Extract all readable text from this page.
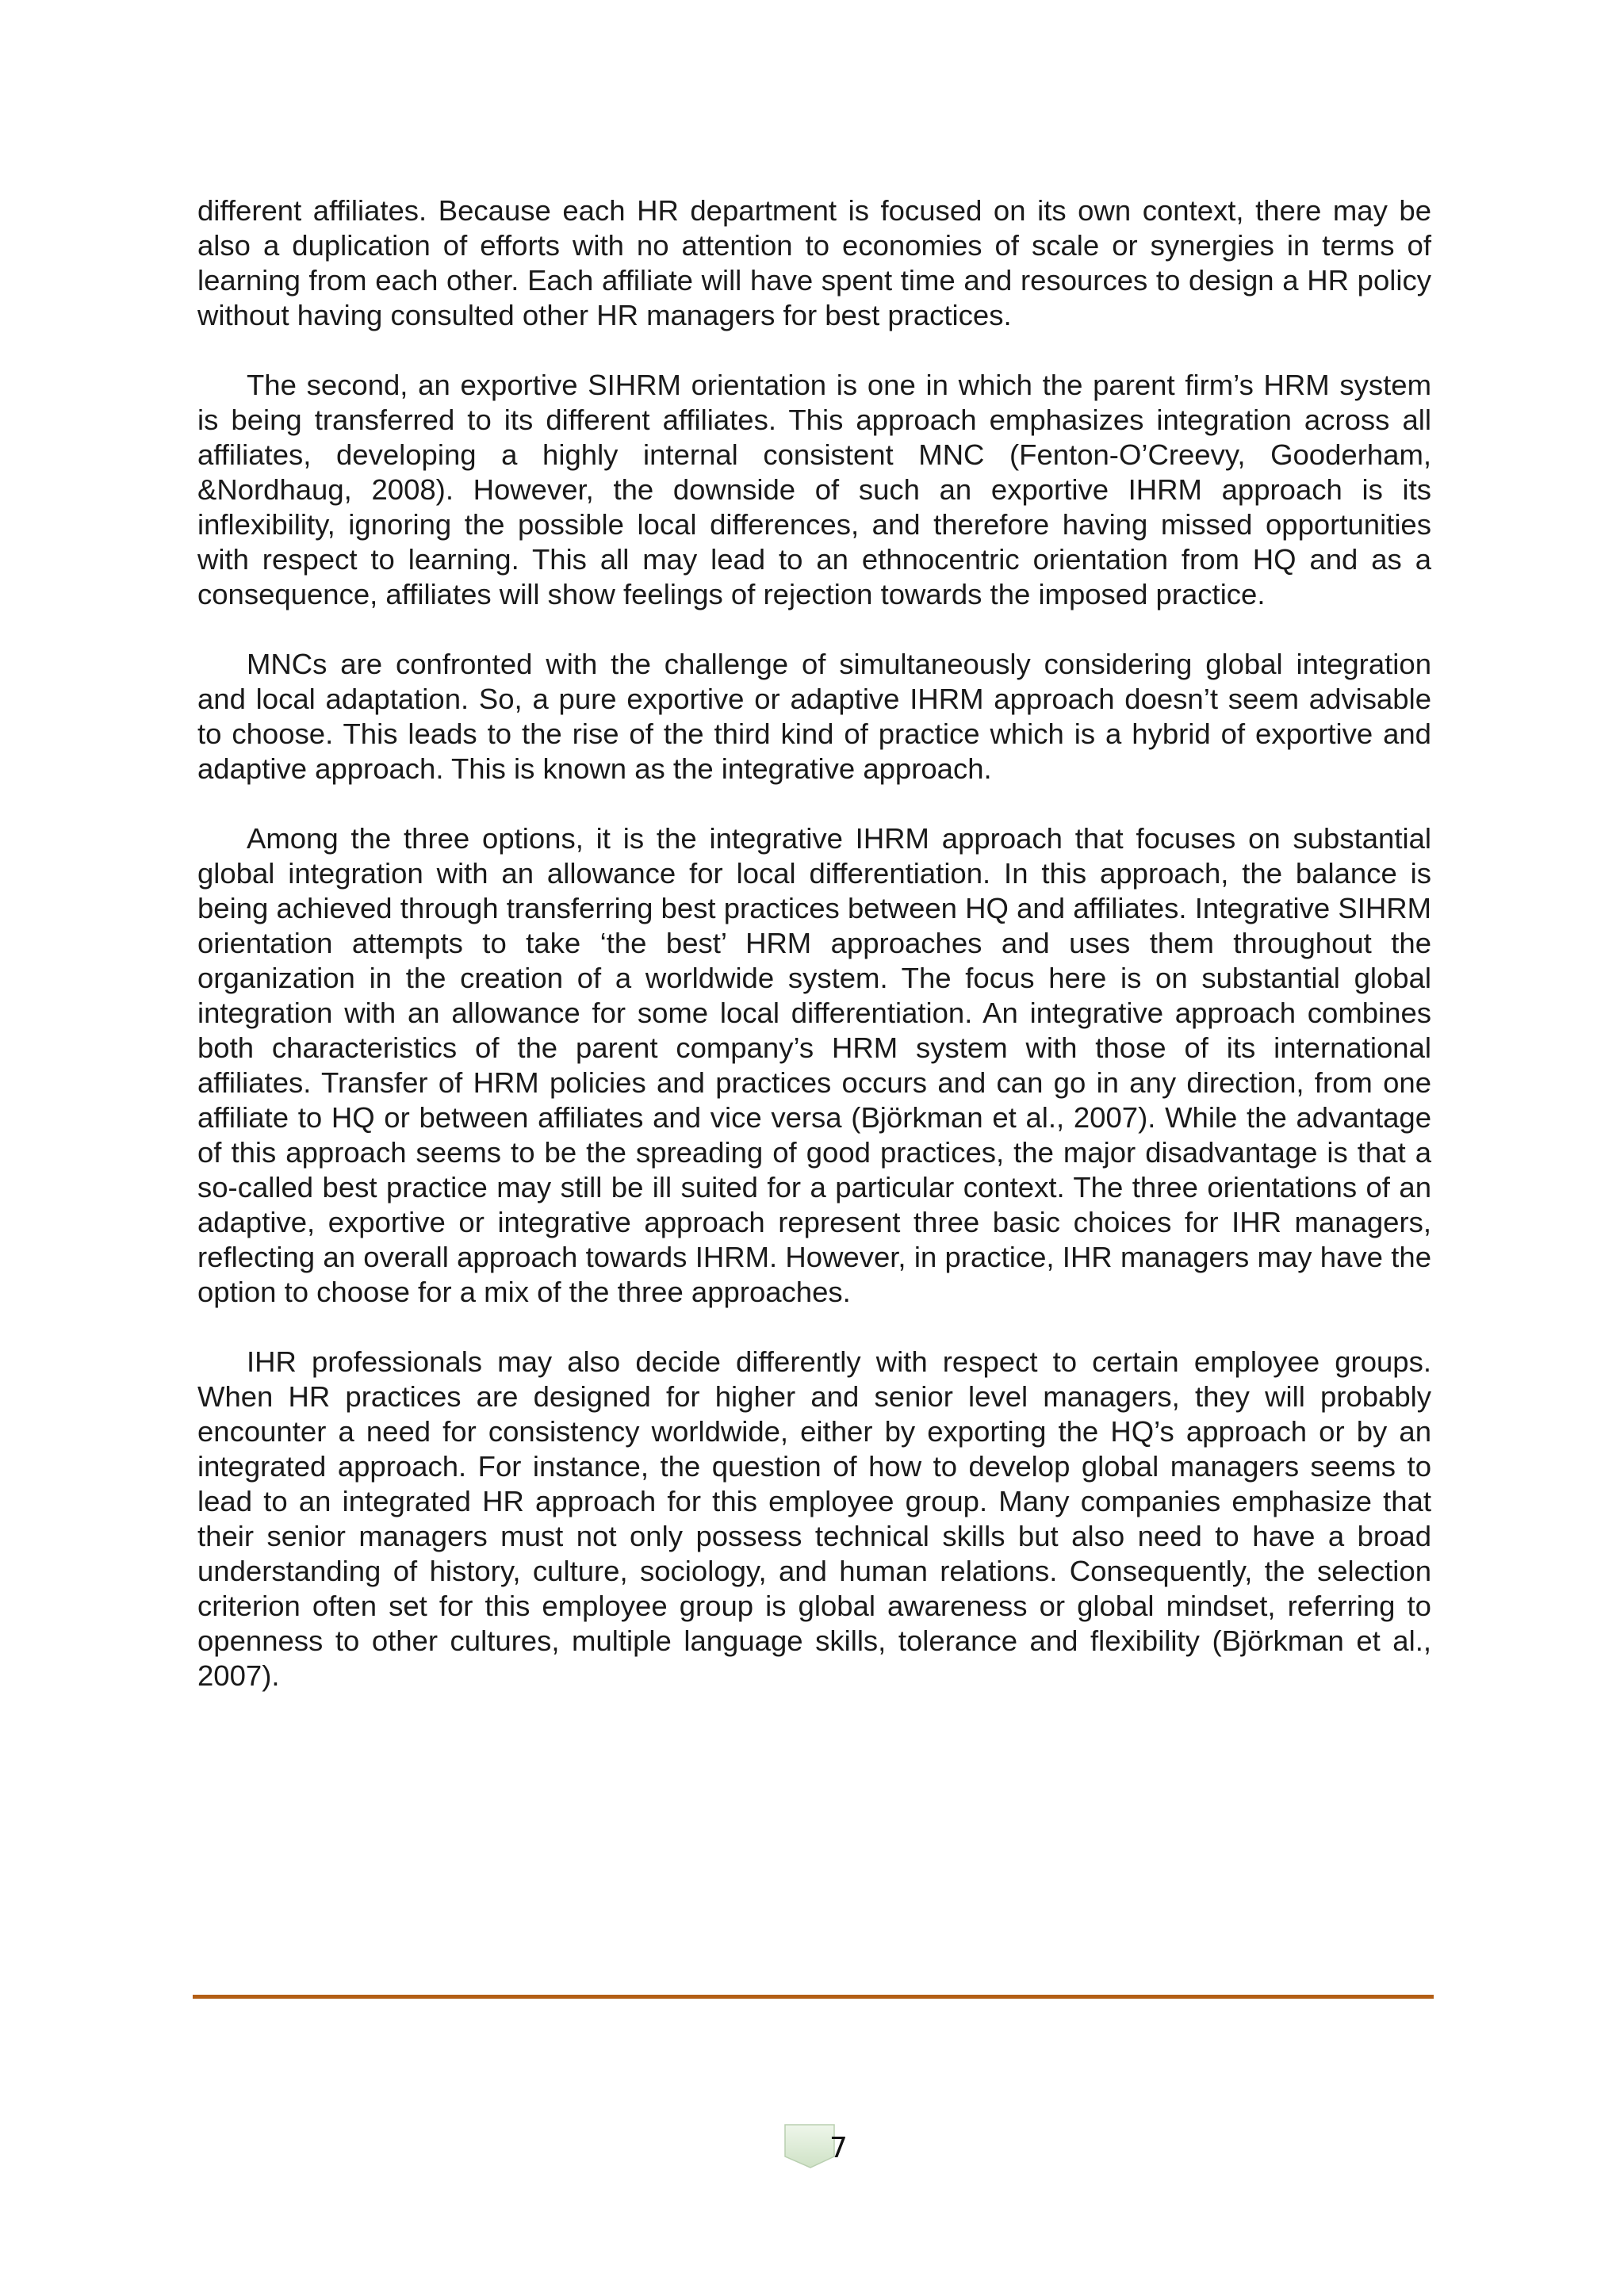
different affiliates. Because each HR department is focused on its own context, there may be also a duplication of efforts with no attention to economies of scale or synergies in terms of learning from each other. Each affiliate will have spent time and resources to design a HR policy without having consulted other HR managers for best practices.

The second, an exportive SIHRM orientation is one in which the parent firm’s HRM system is being transferred to its different affiliates. This approach emphasizes integration across all affiliates, developing a highly internal consistent MNC (Fenton-O’Creevy, Gooderham, &Nordhaug, 2008). However, the downside of such an exportive IHRM approach is its inflexibility, ignoring the possible local differences, and therefore having missed opportunities with respect to learning. This all may lead to an ethnocentric orientation from HQ and as a consequence, affiliates will show feelings of rejection towards the imposed practice.

MNCs are confronted with the challenge of simultaneously considering global integration and local adaptation. So, a pure exportive or adaptive IHRM approach doesn’t seem advisable to choose. This leads to the rise of the third kind of practice which is a hybrid of exportive and adaptive approach. This is known as the integrative approach.

Among the three options, it is the integrative IHRM approach that focuses on substantial global integration with an allowance for local differentiation. In this approach, the balance is being achieved through transferring best practices between HQ and affiliates. Integrative SIHRM orientation attempts to take ‘the best’ HRM approaches and uses them throughout the organization in the creation of a worldwide system. The focus here is on substantial global integration with an allowance for some local differentiation. An integrative approach combines both characteristics of the parent company’s HRM system with those of its international affiliates. Transfer of HRM policies and practices occurs and can go in any direction, from one affiliate to HQ or between affiliates and vice versa (Björkman et al., 2007). While the advantage of this approach seems to be the spreading of good practices, the major disadvantage is that a so-called best practice may still be ill suited for a particular context. The three orientations of an adaptive, exportive or integrative approach represent three basic choices for IHR managers, reflecting an overall approach towards IHRM. However, in practice, IHR managers may have the option to choose for a mix of the three approaches.

IHR professionals may also decide differently with respect to certain employee groups. When HR practices are designed for higher and senior level managers, they will probably encounter a need for consistency worldwide, either by exporting the HQ’s approach or by an integrated approach. For instance, the question of how to develop global managers seems to lead to an integrated HR approach for this employee group. Many companies emphasize that their senior managers must not only possess technical skills but also need to have a broad understanding of history, culture, sociology, and human relations. Consequently, the selection criterion often set for this employee group is global awareness or global mindset, referring to openness to other cultures, multiple language skills, tolerance and flexibility (Björkman et al., 2007).

7
